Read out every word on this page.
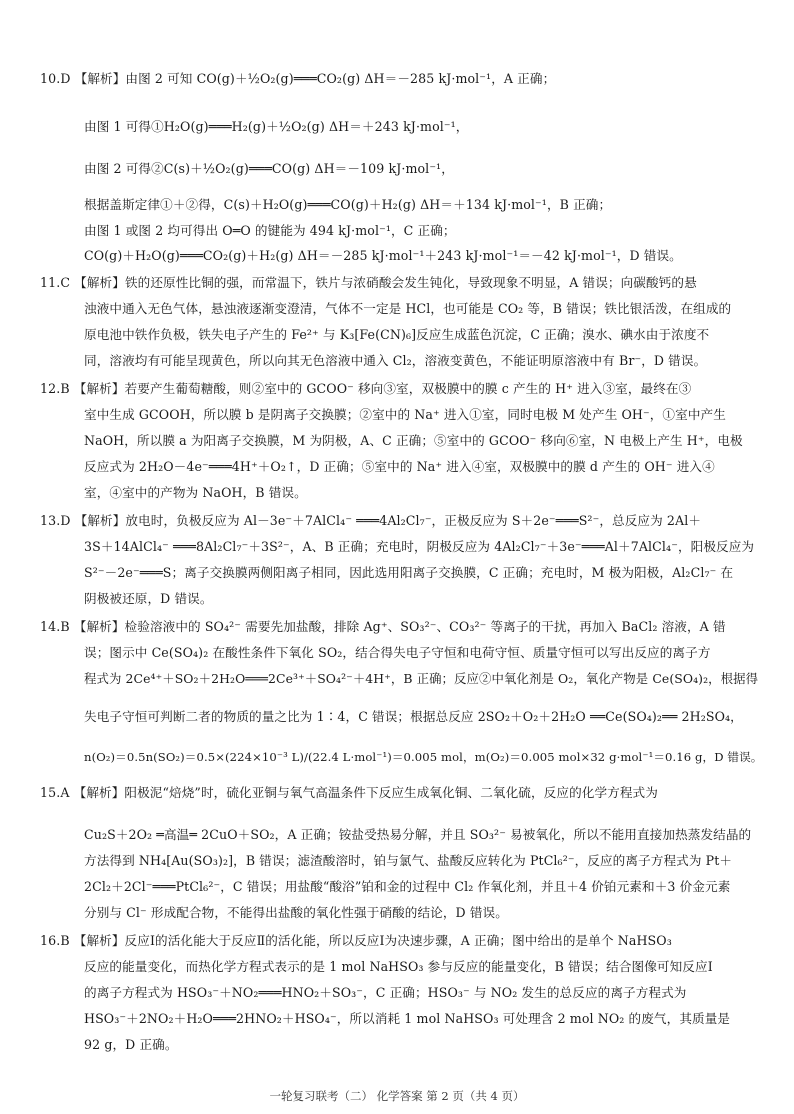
10.D 【解析】由图 2 可知 CO(g)＋½O₂(g)═══CO₂(g) ΔH＝－285 kJ·mol⁻¹，A 正确；
由图 1 可得①H₂O(g)═══H₂(g)＋½O₂(g) ΔH＝＋243 kJ·mol⁻¹，
由图 2 可得②C(s)＋½O₂(g)═══CO(g) ΔH＝－109 kJ·mol⁻¹，
根据盖斯定律①＋②得，C(s)＋H₂O(g)═══CO(g)＋H₂(g) ΔH＝＋134 kJ·mol⁻¹，B 正确；
由图 1 或图 2 均可得出 O═O 的键能为 494 kJ·mol⁻¹，C 正确；
CO(g)＋H₂O(g)═══CO₂(g)＋H₂(g) ΔH＝－285 kJ·mol⁻¹＋243 kJ·mol⁻¹＝－42 kJ·mol⁻¹，D 错误。
11.C 【解析】铁的还原性比铜的强，而常温下，铁片与浓硝酸会发生钝化，导致现象不明显，A 错误；向碳酸钙的悬
浊液中通入无色气体，悬浊液逐渐变澄清，气体不一定是 HCl，也可能是 CO₂ 等，B 错误；铁比银活泼，在组成的
原电池中铁作负极，铁失电子产生的 Fe²⁺ 与 K₃[Fe(CN)₆]反应生成蓝色沉淀，C 正确；溴水、碘水由于浓度不
同，溶液均有可能呈现黄色，所以向其无色溶液中通入 Cl₂，溶液变黄色，不能证明原溶液中有 Br⁻，D 错误。
12.B 【解析】若要产生葡萄糖酸，则②室中的 GCOO⁻ 移向③室，双极膜中的膜 c 产生的 H⁺ 进入③室，最终在③
室中生成 GCOOH，所以膜 b 是阴离子交换膜；②室中的 Na⁺ 进入①室，同时电极 M 处产生 OH⁻，①室中产生
NaOH，所以膜 a 为阳离子交换膜，M 为阴极，A、C 正确；⑤室中的 GCOO⁻ 移向⑥室，N 电极上产生 H⁺，电极
反应式为 2H₂O－4e⁻═══4H⁺＋O₂↑，D 正确；⑤室中的 Na⁺ 进入④室，双极膜中的膜 d 产生的 OH⁻ 进入④
室，④室中的产物为 NaOH，B 错误。
13.D 【解析】放电时，负极反应为 Al－3e⁻＋7AlCl₄⁻ ═══4Al₂Cl₇⁻，正极反应为 S＋2e⁻═══S²⁻，总反应为 2Al＋
3S＋14AlCl₄⁻ ═══8Al₂Cl₇⁻＋3S²⁻，A、B 正确；充电时，阴极反应为 4Al₂Cl₇⁻＋3e⁻═══Al＋7AlCl₄⁻，阳极反应为
S²⁻－2e⁻═══S；离子交换膜两侧阳离子相同，因此选用阳离子交换膜，C 正确；充电时，M 极为阳极，Al₂Cl₇⁻ 在
阴极被还原，D 错误。
14.B 【解析】检验溶液中的 SO₄²⁻ 需要先加盐酸，排除 Ag⁺、SO₃²⁻、CO₃²⁻ 等离子的干扰，再加入 BaCl₂ 溶液，A 错
误；图示中 Ce(SO₄)₂ 在酸性条件下氧化 SO₂，结合得失电子守恒和电荷守恒、质量守恒可以写出反应的离子方
程式为 2Ce⁴⁺＋SO₂＋2H₂O═══2Ce³⁺＋SO₄²⁻＋4H⁺，B 正确；反应②中氧化剂是 O₂，氧化产物是 Ce(SO₄)₂，根据得
失电子守恒可判断二者的物质的量之比为 1∶4，C 错误；根据总反应 2SO₂＋O₂＋2H₂O ══Ce(SO₄)₂══ 2H₂SO₄，
n(O₂)＝0.5n(SO₂)＝0.5×(224×10⁻³ L)/(22.4 L·mol⁻¹)＝0.005 mol，m(O₂)＝0.005 mol×32 g·mol⁻¹＝0.16 g，D 错误。
15.A 【解析】阳极泥“焙烧”时，硫化亚铜与氧气高温条件下反应生成氧化铜、二氧化硫，反应的化学方程式为
Cu₂S＋2O₂ ═高温═ 2CuO＋SO₂，A 正确；铵盐受热易分解，并且 SO₃²⁻ 易被氧化，所以不能用直接加热蒸发结晶的
方法得到 NH₄[Au(SO₃)₂]，B 错误；滤渣酸溶时，铂与氯气、盐酸反应转化为 PtCl₆²⁻，反应的离子方程式为 Pt＋
2Cl₂＋2Cl⁻═══PtCl₆²⁻，C 错误；用盐酸“酸浴”铂和金的过程中 Cl₂ 作氧化剂，并且＋4 价铂元素和＋3 价金元素
分别与 Cl⁻ 形成配合物，不能得出盐酸的氧化性强于硝酸的结论，D 错误。
16.B 【解析】反应Ⅰ的活化能大于反应Ⅱ的活化能，所以反应Ⅰ为决速步骤，A 正确；图中给出的是单个 NaHSO₃
反应的能量变化，而热化学方程式表示的是 1 mol NaHSO₃ 参与反应的能量变化，B 错误；结合图像可知反应Ⅰ
的离子方程式为 HSO₃⁻＋NO₂═══HNO₂＋SO₃⁻，C 正确；HSO₃⁻ 与 NO₂ 发生的总反应的离子方程式为
HSO₃⁻＋2NO₂＋H₂O═══2HNO₂＋HSO₄⁻，所以消耗 1 mol NaHSO₃ 可处理含 2 mol NO₂ 的废气，其质量是
92 g，D 正确。
一轮复习联考（二） 化学答案 第 2 页（共 4 页）
